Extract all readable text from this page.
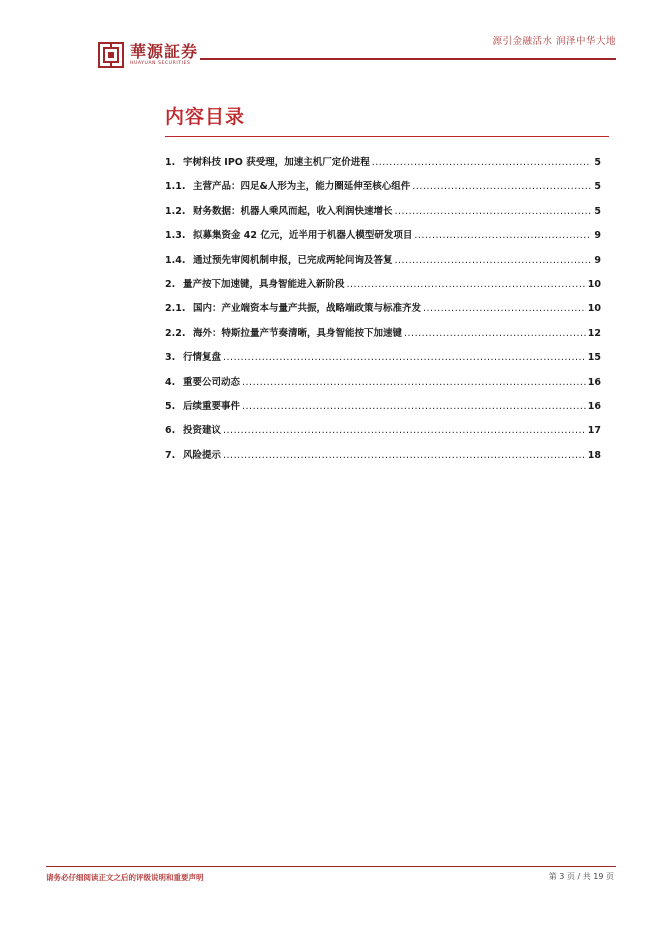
華源証券
HUAYUAN SECURITIES
源引金融活水 润泽中华大地
内容目录
1. 宇树科技 IPO 获受理，加速主机厂定价进程 .....	5
1.1. 主营产品：四足&人形为主，能力圈延伸至核心组件 .....	5
1.2. 财务数据：机器人乘风而起，收入利润快速增长 .....	5
1.3. 拟募集资金 42 亿元，近半用于机器人模型研发项目 .....	9
1.4. 通过预先审阅机制申报，已完成两轮问询及答复 .....	9
2. 量产按下加速键，具身智能进入新阶段 .....	10
2.1. 国内：产业端资本与量产共振，战略端政策与标准齐发 .....	10
2.2. 海外：特斯拉量产节奏清晰，具身智能按下加速键 .....	12
3. 行情复盘 .....	15
4. 重要公司动态 .....	16
5. 后续重要事件 .....	16
6. 投资建议 .....	17
7. 风险提示 .....	18
请务必仔细阅读正文之后的评级说明和重要声明	第 3 页 / 共 19 页
